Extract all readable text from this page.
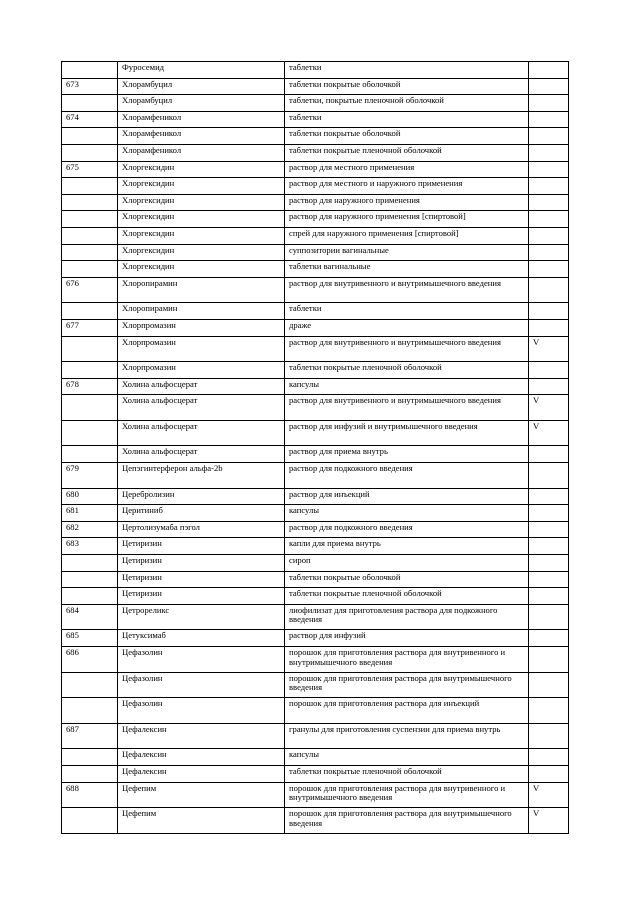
	Фуросемид	таблетки	
673	Хлорамбуцил	таблетки покрытые оболочкой	
	Хлорамбуцил	таблетки, покрытые пленочной оболочкой	
674	Хлорамфеникол	таблетки	
	Хлорамфеникол	таблетки покрытые оболочкой	
	Хлорамфеникол	таблетки покрытые пленочной оболочкой	
675	Хлоргексидин	раствор для местного применения	
	Хлоргексидин	раствор для местного и наружного применения	
	Хлоргексидин	раствор для наружного применения	
	Хлоргексидин	раствор для наружного применения [спиртовой]	
	Хлоргексидин	спрей для наружного применения [спиртовой]	
	Хлоргексидин	суппозитории вагинальные	
	Хлоргексидин	таблетки вагинальные	
676	Хлоропирамин	раствор для внутривенного и внутримышечного введения	
	Хлоропирамин	таблетки	
677	Хлорпромазин	драже	
	Хлорпромазин	раствор для внутривенного и внутримышечного введения	V
	Хлорпромазин	таблетки покрытые пленочной оболочкой	
678	Холина альфосцерат	капсулы	
	Холина альфосцерат	раствор для внутривенного и внутримышечного введения	V
	Холина альфосцерат	раствор для инфузий и внутримышечного введения	V
	Холина альфосцерат	раствор для приема внутрь	
679	Цепэгинтерферон альфа-2b	раствор для подкожного введения	
680	Церебролизин	раствор для инъекций	
681	Церитиниб	капсулы	
682	Цертолизумаба пэгол	раствор для подкожного введения	
683	Цетиризин	капли для приема внутрь	
	Цетиризин	сироп	
	Цетиризин	таблетки покрытые оболочкой	
	Цетиризин	таблетки покрытые пленочной оболочкой	
684	Цетрореликс	лиофилизат для приготовления раствора для подкожного введения	
685	Цетуксимаб	раствор для инфузий	
686	Цефазолин	порошок для приготовления раствора для внутривенного и внутримышечного введения	
	Цефазолин	порошок для приготовления раствора для внутримышечного введения	
	Цефазолин	порошок для приготовления раствора для инъекций	
687	Цефалексин	гранулы для приготовления суспензии для приема внутрь	
	Цефалексин	капсулы	
	Цефалексин	таблетки покрытые пленочной оболочкой	
688	Цефепим	порошок для приготовления раствора для внутривенного и внутримышечного введения	V
	Цефепим	порошок для приготовления раствора для внутримышечного введения	V
